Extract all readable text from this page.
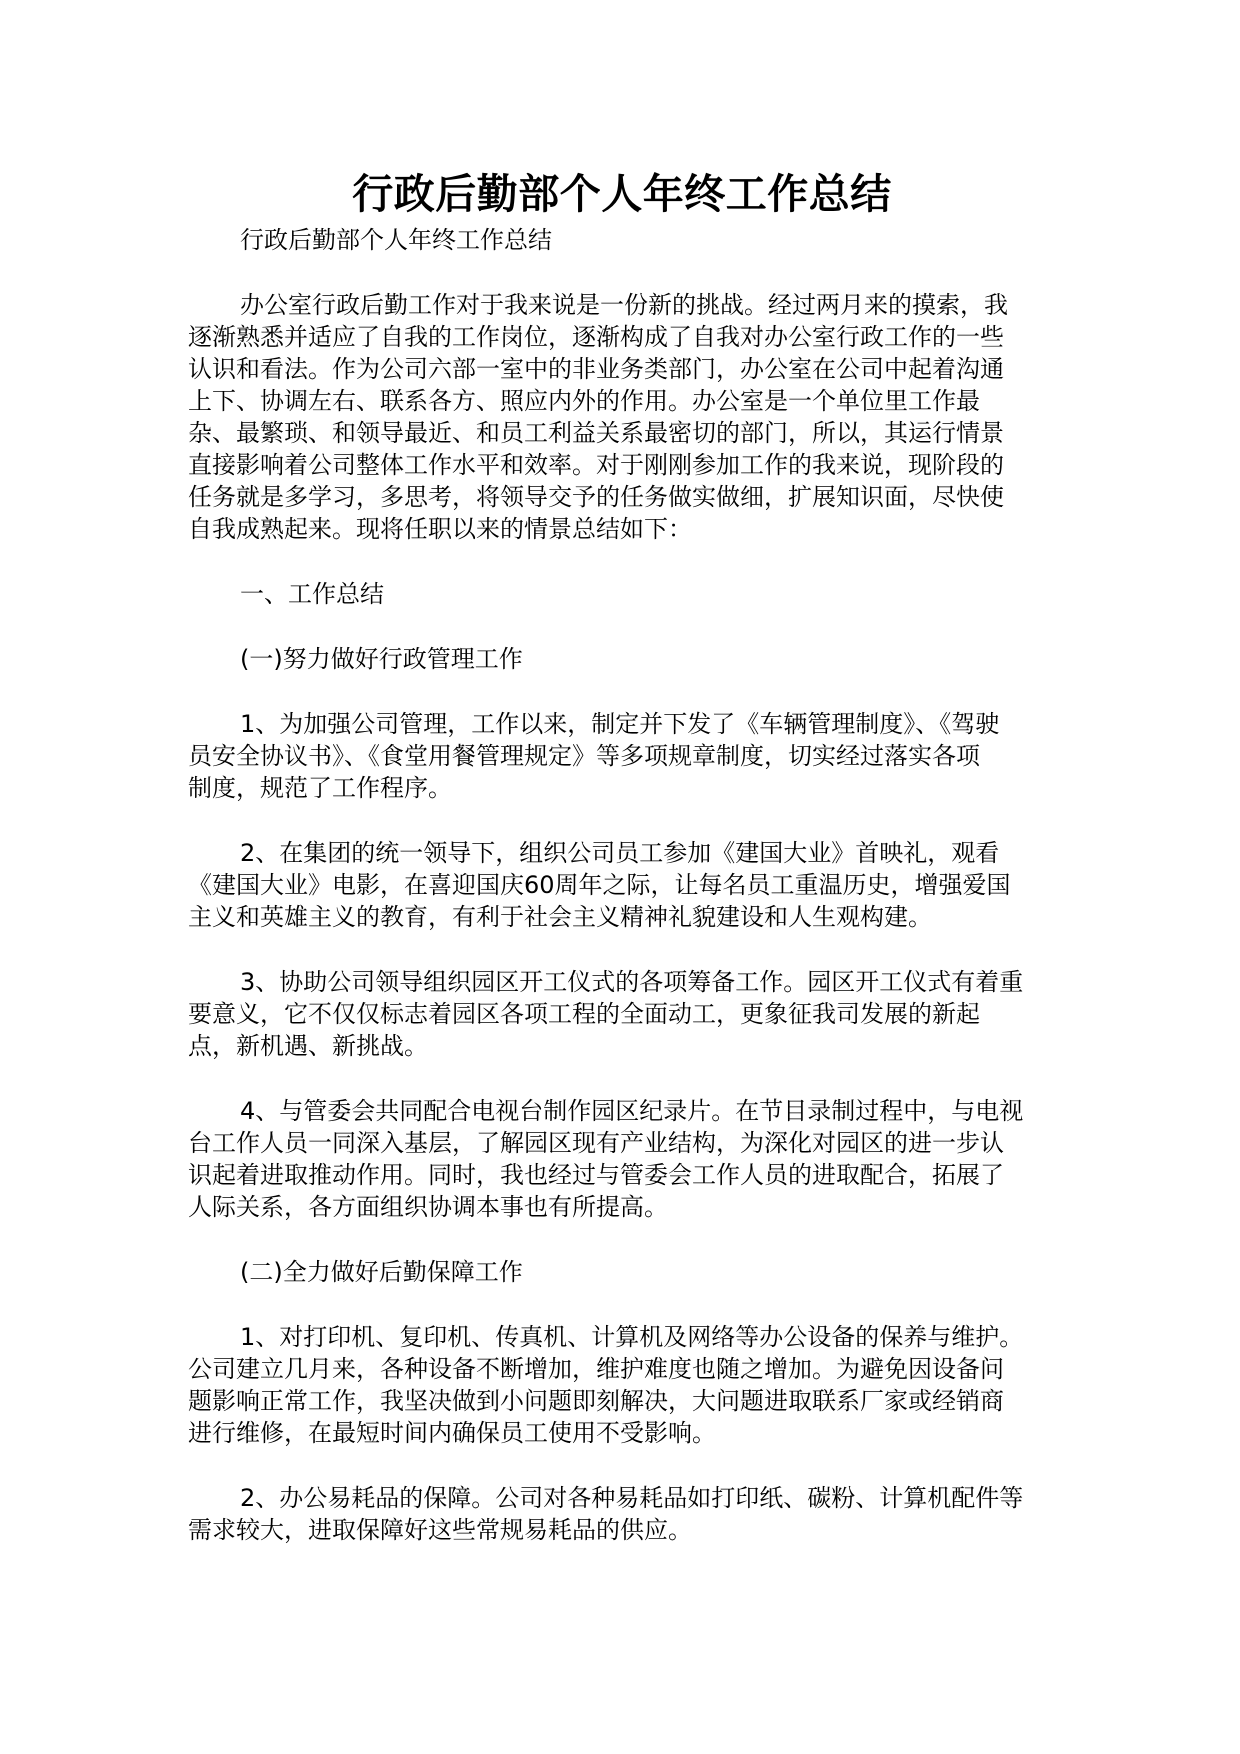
行政后勤部个人年终工作总结

行政后勤部个人年终工作总结

办公室行政后勤工作对于我来说是一份新的挑战。经过两月来的摸索，我
逐渐熟悉并适应了自我的工作岗位，逐渐构成了自我对办公室行政工作的一些
认识和看法。作为公司六部一室中的非业务类部门，办公室在公司中起着沟通
上下、协调左右、联系各方、照应内外的作用。办公室是一个单位里工作最
杂、最繁琐、和领导最近、和员工利益关系最密切的部门，所以，其运行情景
直接影响着公司整体工作水平和效率。对于刚刚参加工作的我来说，现阶段的
任务就是多学习，多思考，将领导交予的任务做实做细，扩展知识面，尽快使
自我成熟起来。现将任职以来的情景总结如下：

一、工作总结

(一)努力做好行政管理工作

1、为加强公司管理，工作以来，制定并下发了《车辆管理制度》、《驾驶
员安全协议书》、《食堂用餐管理规定》等多项规章制度，切实经过落实各项
制度，规范了工作程序。

2、在集团的统一领导下，组织公司员工参加《建国大业》首映礼，观看
《建国大业》电影，在喜迎国庆60周年之际，让每名员工重温历史，增强爱国
主义和英雄主义的教育，有利于社会主义精神礼貌建设和人生观构建。

3、协助公司领导组织园区开工仪式的各项筹备工作。园区开工仪式有着重
要意义，它不仅仅标志着园区各项工程的全面动工，更象征我司发展的新起
点，新机遇、新挑战。

4、与管委会共同配合电视台制作园区纪录片。在节目录制过程中，与电视
台工作人员一同深入基层，了解园区现有产业结构，为深化对园区的进一步认
识起着进取推动作用。同时，我也经过与管委会工作人员的进取配合，拓展了
人际关系，各方面组织协调本事也有所提高。

(二)全力做好后勤保障工作

1、对打印机、复印机、传真机、计算机及网络等办公设备的保养与维护。
公司建立几月来，各种设备不断增加，维护难度也随之增加。为避免因设备问
题影响正常工作，我坚决做到小问题即刻解决，大问题进取联系厂家或经销商
进行维修，在最短时间内确保员工使用不受影响。

2、办公易耗品的保障。公司对各种易耗品如打印纸、碳粉、计算机配件等
需求较大，进取保障好这些常规易耗品的供应。
